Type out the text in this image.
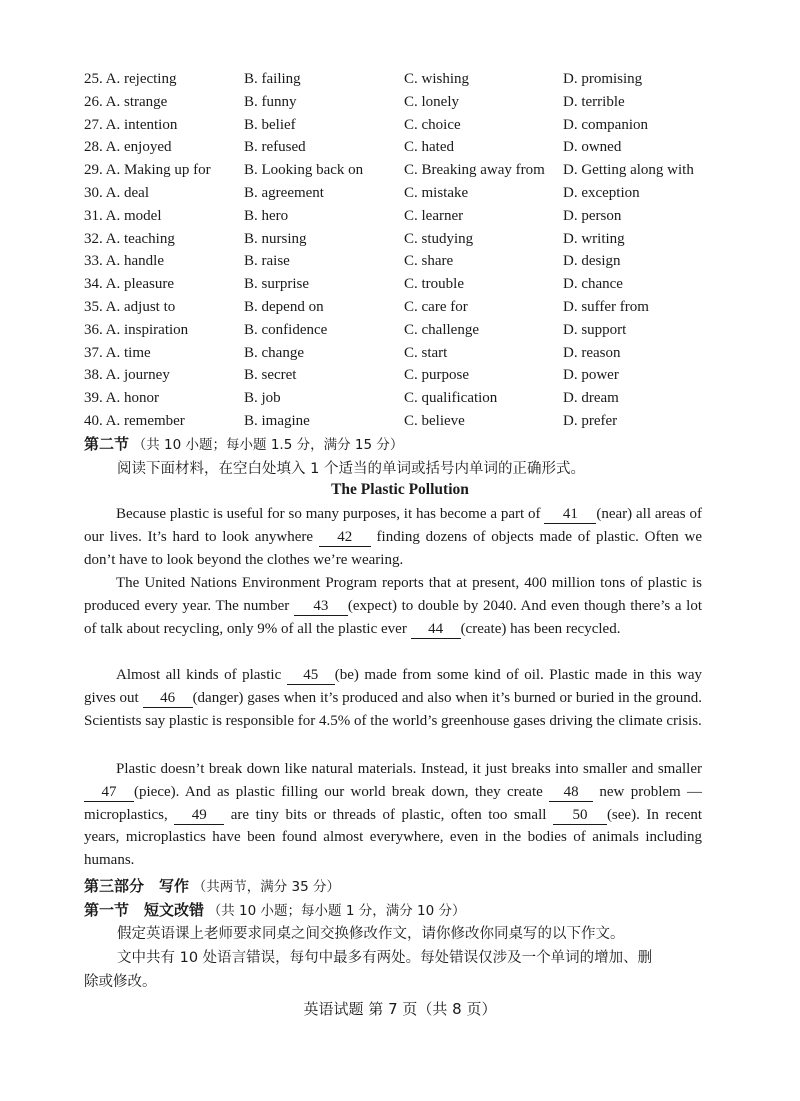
25. A. rejecting	B. failing	C. wishing	D. promising
26. A. strange	B. funny	C. lonely	D. terrible
27. A. intention	B. belief	C. choice	D. companion
28. A. enjoyed	B. refused	C. hated	D. owned
29. A. Making up for	B. Looking back on	C. Breaking away from	D. Getting along with
30. A. deal	B. agreement	C. mistake	D. exception
31. A. model	B. hero	C. learner	D. person
32. A. teaching	B. nursing	C. studying	D. writing
33. A. handle	B. raise	C. share	D. design
34. A. pleasure	B. surprise	C. trouble	D. chance
35. A. adjust to	B. depend on	C. care for	D. suffer from
36. A. inspiration	B. confidence	C. challenge	D. support
37. A. time	B. change	C. start	D. reason
38. A. journey	B. secret	C. purpose	D. power
39. A. honor	B. job	C. qualification	D. dream
40. A. remember	B. imagine	C. believe	D. prefer
第二节 （共 10 小题；每小题 1.5 分，满分 15 分）
阅读下面材料，在空白处填入 1 个适当的单词或括号内单词的正确形式。
The Plastic Pollution
Because plastic is useful for so many purposes, it has become a part of 41 (near) all areas of our lives. It’s hard to look anywhere 42 finding dozens of objects made of plastic. Often we don’t have to look beyond the clothes we’re wearing.
The United Nations Environment Program reports that at present, 400 million tons of plastic is produced every year. The number 43 (expect) to double by 2040. And even though there’s a lot of talk about recycling, only 9% of all the plastic ever 44 (create) has been recycled.
Almost all kinds of plastic 45 (be) made from some kind of oil. Plastic made in this way gives out 46 (danger) gases when it’s produced and also when it’s burned or buried in the ground. Scientists say plastic is responsible for 4.5% of the world’s greenhouse gases driving the climate crisis.
Plastic doesn’t break down like natural materials. Instead, it just breaks into smaller and smaller 47 (piece). And as plastic filling our world break down, they create 48 new problem — microplastics, 49 are tiny bits or threads of plastic, often too small 50 (see). In recent years, microplastics have been found almost everywhere, even in the bodies of animals including humans.
第三部分　写作 （共两节，满分 35 分）
第一节　短文改错 （共 10 小题；每小题 1 分，满分 10 分）
假定英语课上老师要求同桌之间交换修改作文，请你修改你同桌写的以下作文。
文中共有 10 处语言错误，每句中最多有两处。每处错误仅涉及一个单词的增加、删
除或修改。
英语试题 第 7 页（共 8 页）
